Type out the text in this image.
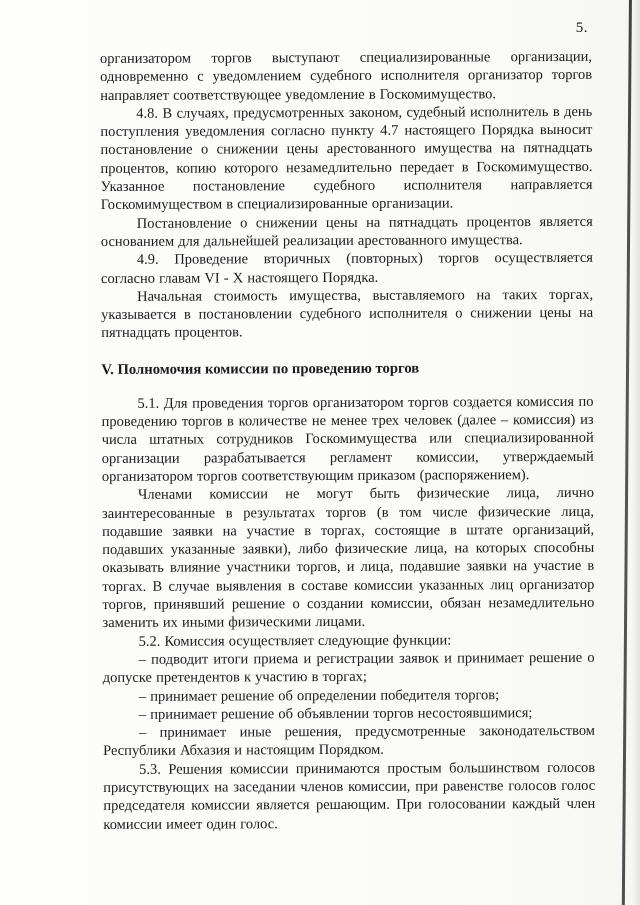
5.

организатором торгов выступают специализированные организации, одновременно с уведомлением судебного исполнителя организатор торгов направляет соответствующее уведомление в Госкомимущество.

4.8. В случаях, предусмотренных законом, судебный исполнитель в день поступления уведомления согласно пункту 4.7 настоящего Порядка выносит постановление о снижении цены арестованного имущества на пятнадцать процентов, копию которого незамедлительно передает в Госкомимущество. Указанное постановление судебного исполнителя направляется Госкомимуществом в специализированные организации.

Постановление о снижении цены на пятнадцать процентов является основанием для дальнейшей реализации арестованного имущества.

4.9. Проведение вторичных (повторных) торгов осуществляется согласно главам VI - X настоящего Порядка.

Начальная стоимость имущества, выставляемого на таких торгах, указывается в постановлении судебного исполнителя о снижении цены на пятнадцать процентов.

V. Полномочия комиссии по проведению торгов

5.1. Для проведения торгов организатором торгов создается комиссия по проведению торгов в количестве не менее трех человек (далее – комиссия) из числа штатных сотрудников Госкомимущества или специализированной организации разрабатывается регламент комиссии, утверждаемый организатором торгов соответствующим приказом (распоряжением).

Членами комиссии не могут быть физические лица, лично заинтересованные в результатах торгов (в том числе физические лица, подавшие заявки на участие в торгах, состоящие в штате организаций, подавших указанные заявки), либо физические лица, на которых способны оказывать влияние участники торгов, и лица, подавшие заявки на участие в торгах. В случае выявления в составе комиссии указанных лиц организатор торгов, принявший решение о создании комиссии, обязан незамедлительно заменить их иными физическими лицами.

5.2. Комиссия осуществляет следующие функции:

– подводит итоги приема и регистрации заявок и принимает решение о допуске претендентов к участию в торгах;

– принимает решение об определении победителя торгов;

– принимает решение об объявлении торгов несостоявшимися;

– принимает иные решения, предусмотренные законодательством Республики Абхазия и настоящим Порядком.

5.3. Решения комиссии принимаются простым большинством голосов присутствующих на заседании членов комиссии, при равенстве голосов голос председателя комиссии является решающим. При голосовании каждый член комиссии имеет один голос.
